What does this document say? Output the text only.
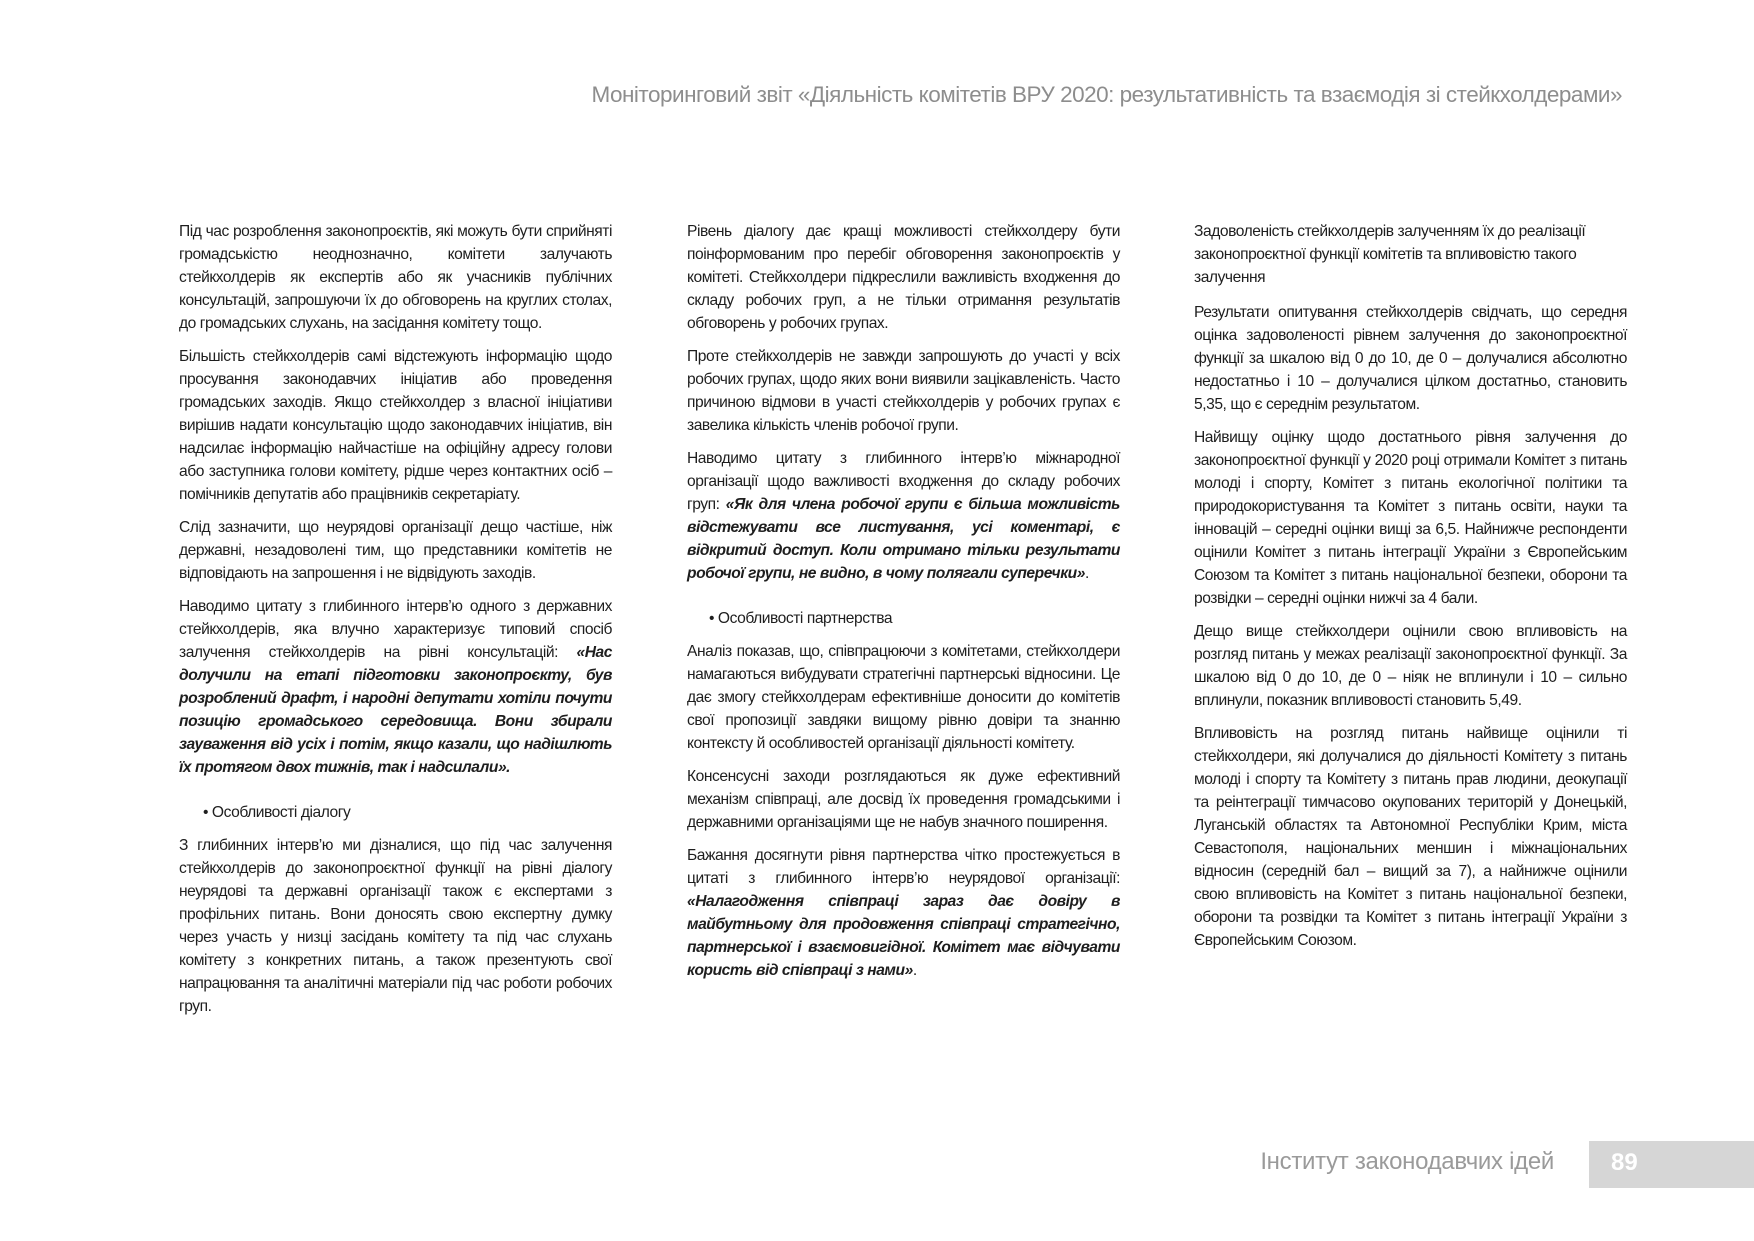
Моніторинговий звіт «Діяльність комітетів ВРУ 2020: результативність та взаємодія зі стейкхолдерами»

Під час розроблення законопроєктів, які можуть бути сприйняті громадськістю неоднозначно, комітети залучають стейкхолдерів як експертів або як учасників публічних консультацій, запрошуючи їх до обговорень на круглих столах, до громадських слухань, на засідання комітету тощо.

Більшість стейкхолдерів самі відстежують інформацію щодо просування законодавчих ініціатив або проведення громадських заходів. Якщо стейкхолдер з власної ініціативи вирішив надати консультацію щодо законодавчих ініціатив, він надсилає інформацію найчастіше на офіційну адресу голови або заступника голови комітету, рідше через контактних осіб – помічників депутатів або працівників секретаріату.

Слід зазначити, що неурядові організації дещо частіше, ніж державні, незадоволені тим, що представники комітетів не відповідають на запрошення і не відвідують заходів.

Наводимо цитату з глибинного інтерв’ю одного з державних стейкхолдерів, яка влучно характеризує типовий спосіб залучення стейкхолдерів на рівні консультацій: «Нас долучили на етапі підготовки законопроєкту, був розроблений драфт, і народні депутати хотіли почути позицію громадського середовища. Вони збирали зауваження від усіх і потім, якщо казали, що надішлють їх протягом двох тижнів, так і надсилали».

• Особливості діалогу

З глибинних інтерв’ю ми дізналися, що під час залучення стейкхолдерів до законопроєктної функції на рівні діалогу неурядові та державні організації також є експертами з профільних питань. Вони доносять свою експертну думку через участь у низці засідань комітету та під час слухань комітету з конкретних питань, а також презентують свої напрацювання та аналітичні матеріали під час роботи робочих груп.

Рівень діалогу дає кращі можливості стейкхолдеру бути поінформованим про перебіг обговорення законопроєктів у комітеті. Стейкхолдери підкреслили важливість входження до складу робочих груп, а не тільки отримання результатів обговорень у робочих групах.

Проте стейкхолдерів не завжди запрошують до участі у всіх робочих групах, щодо яких вони виявили зацікавленість. Часто причиною відмови в участі стейкхолдерів у робочих групах є завелика кількість членів робочої групи.

Наводимо цитату з глибинного інтерв’ю міжнародної організації щодо важливості входження до складу робочих груп: «Як для члена робочої групи є більша можливість відстежувати все листування, усі коментарі, є відкритий доступ. Коли отримано тільки результати робочої групи, не видно, в чому полягали суперечки».

• Особливості партнерства

Аналіз показав, що, співпрацюючи з комітетами, стейкхолдери намагаються вибудувати стратегічні партнерські відносини. Це дає змогу стейкхолдерам ефективніше доносити до комітетів свої пропозиції завдяки вищому рівню довіри та знанню контексту й особливостей організації діяльності комітету.

Консенсусні заходи розглядаються як дуже ефективний механізм співпраці, але досвід їх проведення громадськими і державними організаціями ще не набув значного поширення.

Бажання досягнути рівня партнерства чітко простежується в цитаті з глибинного інтерв’ю неурядової організації: «Налагодження співпраці зараз дає довіру в майбутньому для продовження співпраці стратегічно, партнерської і взаємовигідної. Комітет має відчувати користь від співпраці з нами».

Задоволеність стейкхолдерів залученням їх до реалізації законопроєктної функції комітетів та впливовістю такого залучення

Результати опитування стейкхолдерів свідчать, що середня оцінка задоволеності рівнем залучення до законопроєктної функції за шкалою від 0 до 10, де 0 – долучалися абсолютно недостатньо і 10 – долучалися цілком достатньо, становить 5,35, що є середнім результатом.

Найвищу оцінку щодо достатнього рівня залучення до законопроєктної функції у 2020 році отримали Комітет з питань молоді і спорту, Комітет з питань екологічної політики та природокористування та Комітет з питань освіти, науки та інновацій – середні оцінки вищі за 6,5. Найнижче респонденти оцінили Комітет з питань інтеграції України з Європейським Союзом та Комітет з питань національної безпеки, оборони та розвідки – середні оцінки нижчі за 4 бали.

Дещо вище стейкхолдери оцінили свою впливовість на розгляд питань у межах реалізації законопроєктної функції. За шкалою від 0 до 10, де 0 – ніяк не вплинули і 10 – сильно вплинули, показник впливовості становить 5,49.

Впливовість на розгляд питань найвище оцінили ті стейкхолдери, які долучалися до діяльності Комітету з питань молоді і спорту та Комітету з питань прав людини, деокупації та реінтеграції тимчасово окупованих територій у Донецькій, Луганській областях та Автономної Республіки Крим, міста Севастополя, національних меншин і міжнаціональних відносин (середній бал – вищий за 7), а найнижче оцінили свою впливовість на Комітет з питань національної безпеки, оборони та розвідки та Комітет з питань інтеграції України з Європейським Союзом.

Інститут законодавчих ідей 89
